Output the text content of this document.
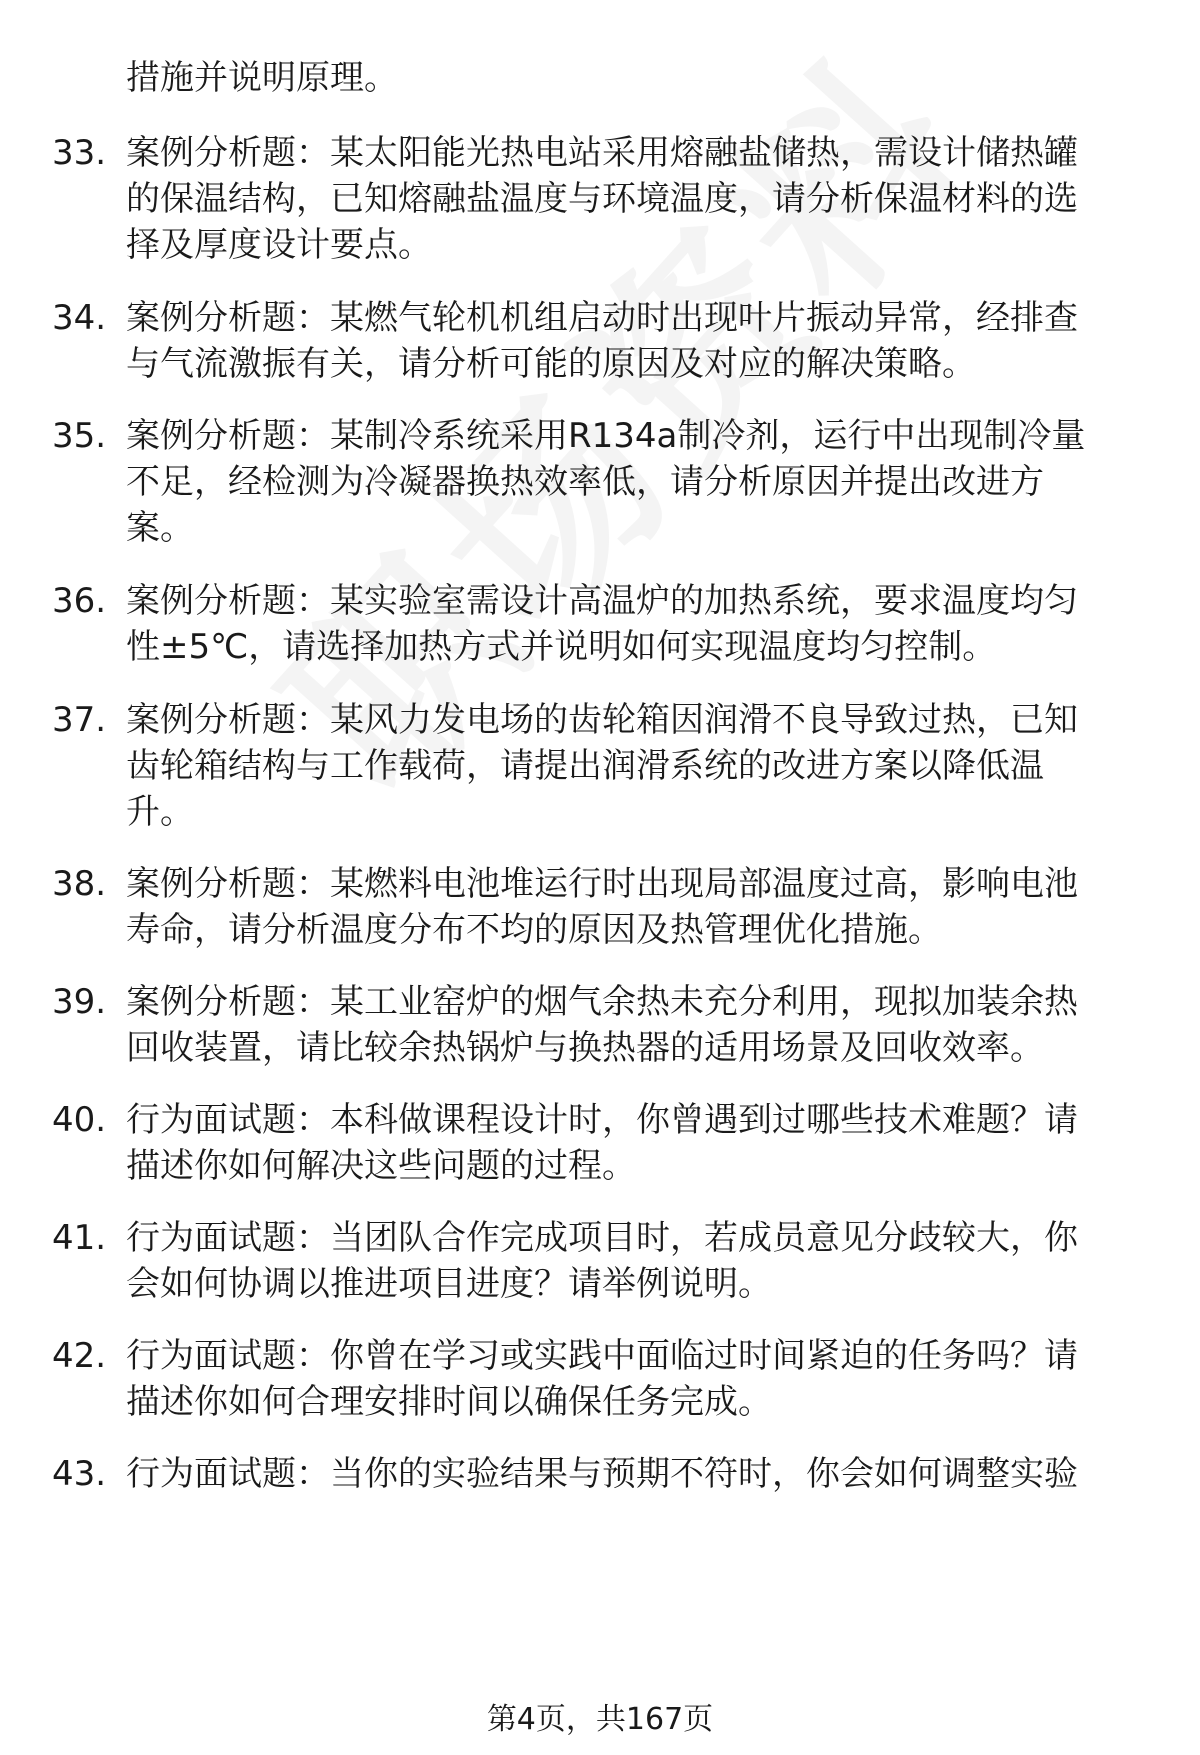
措施并说明原理。
33. 案例分析题：某太阳能光热电站采用熔融盐储热，需设计储热罐
的保温结构，已知熔融盐温度与环境温度，请分析保温材料的选
择及厚度设计要点。
34. 案例分析题：某燃气轮机机组启动时出现叶片振动异常，经排查
与气流激振有关，请分析可能的原因及对应的解决策略。
35. 案例分析题：某制冷系统采用R134a制冷剂，运行中出现制冷量
不足，经检测为冷凝器换热效率低，请分析原因并提出改进方
案。
36. 案例分析题：某实验室需设计高温炉的加热系统，要求温度均匀
性±5℃，请选择加热方式并说明如何实现温度均匀控制。
37. 案例分析题：某风力发电场的齿轮箱因润滑不良导致过热，已知
齿轮箱结构与工作载荷，请提出润滑系统的改进方案以降低温
升。
38. 案例分析题：某燃料电池堆运行时出现局部温度过高，影响电池
寿命，请分析温度分布不均的原因及热管理优化措施。
39. 案例分析题：某工业窑炉的烟气余热未充分利用，现拟加装余热
回收装置，请比较余热锅炉与换热器的适用场景及回收效率。
40. 行为面试题：本科做课程设计时，你曾遇到过哪些技术难题？请
描述你如何解决这些问题的过程。
41. 行为面试题：当团队合作完成项目时，若成员意见分歧较大，你
会如何协调以推进项目进度？请举例说明。
42. 行为面试题：你曾在学习或实践中面临过时间紧迫的任务吗？请
描述你如何合理安排时间以确保任务完成。
43. 行为面试题：当你的实验结果与预期不符时，你会如何调整实验
第4页，共167页
